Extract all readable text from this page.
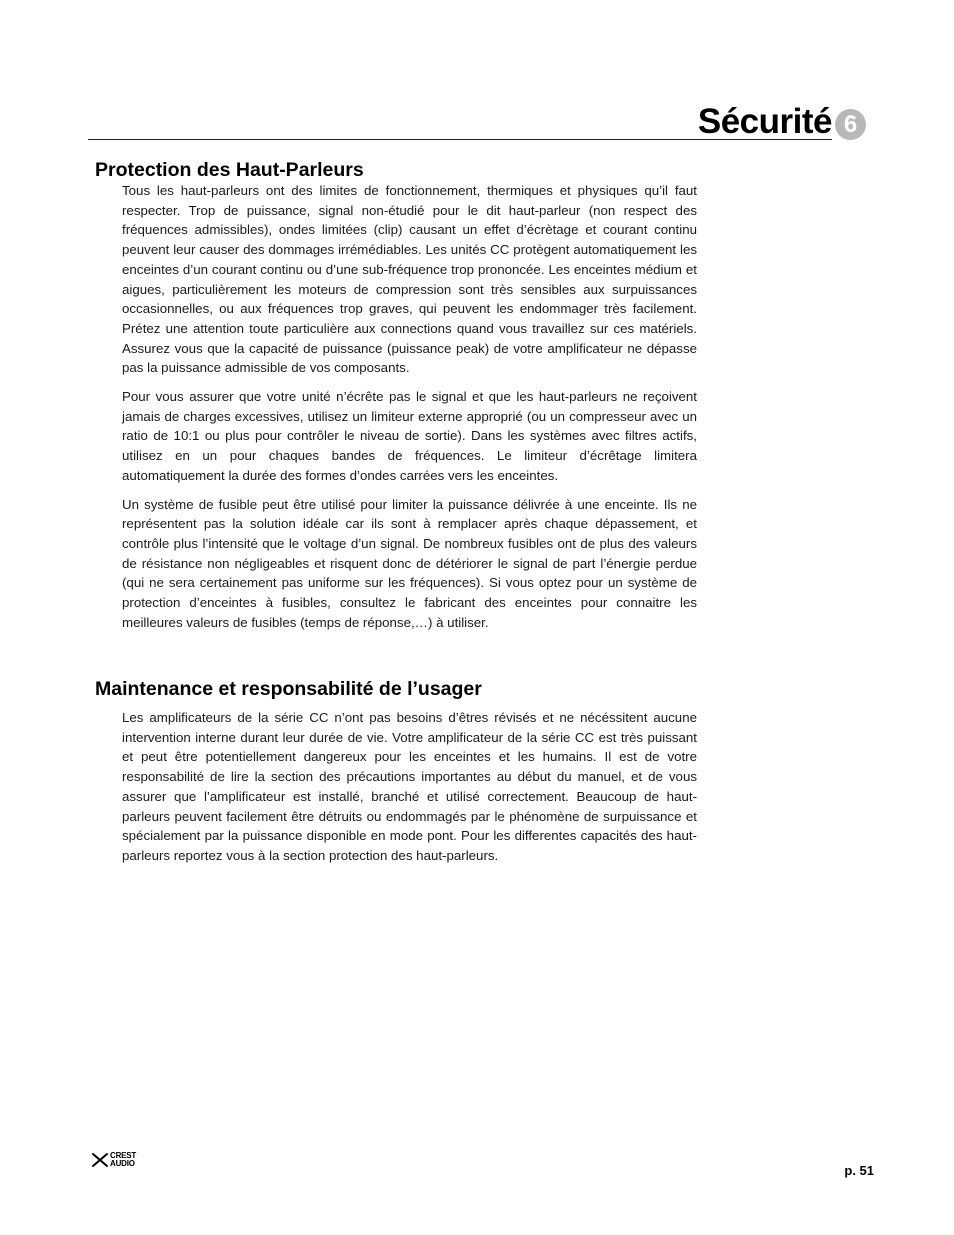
Sécurité 6
Protection des Haut-Parleurs

Tous les haut-parleurs ont des limites de fonctionnement, thermiques et physiques qu’il faut respecter. Trop de puissance, signal non-étudié pour le dit haut-parleur (non respect des fréquences admissibles), ondes limitées (clip) causant un effet d’écrètage et courant continu peuvent leur causer des dommages irrémédiables. Les unités CC protègent automatiquement les enceintes d’un courant continu ou d’une sub-fréquence trop prononcée. Les enceintes médium et aigues, particulièrement les moteurs de compression sont très sensibles aux surpuissances occasionnelles, ou aux fréquences trop graves, qui peuvent les endommager très facilement. Prétez une attention toute particulière aux connections quand vous travaillez sur ces matériels. Assurez vous que la capacité de puissance (puissance peak) de votre amplificateur ne dépasse pas la puissance admissible de vos composants.

Pour vous assurer que votre unité n’écrête pas le signal et que les haut-parleurs ne reçoivent jamais de charges excessives, utilisez un limiteur externe approprié (ou un compresseur avec un ratio de 10:1 ou plus pour contrôler le niveau de sortie). Dans les systèmes avec filtres actifs, utilisez en un pour chaques bandes de fréquences. Le limiteur d’écrêtage limitera automatiquement la durée des formes d’ondes carrées vers les enceintes.

Un système de fusible peut être utilisé pour limiter la puissance délivrée à une enceinte. Ils ne représentent pas la solution idéale car ils sont à remplacer après chaque dépassement, et contrôle plus l’intensité que le voltage d’un signal. De nombreux fusibles ont de plus des valeurs de résistance non négligeables et risquent donc de détériorer le signal de part l’énergie perdue (qui ne sera certainement pas uniforme sur les fréquences). Si vous optez pour un système de protection d’enceintes à fusibles, consultez le fabricant des enceintes pour connaitre les meilleures valeurs de fusibles (temps de réponse,…) à utiliser.

Maintenance et responsabilité de l’usager

Les amplificateurs de la série CC n’ont pas besoins d’êtres révisés et ne nécéssitent aucune intervention interne durant leur durée de vie. Votre amplificateur de la série CC est très puissant et peut être potentiellement dangereux pour les enceintes et les humains. Il est de votre responsabilité de lire la section des précautions importantes au début du manuel, et de vous assurer que l’amplificateur est installé, branché et utilisé correctement. Beaucoup de haut-parleurs peuvent facilement être détruits ou endommagés par le phénomène de surpuissance et spécialement par la puissance disponible en mode pont. Pour les differentes capacités des haut-parleurs reportez vous à la section protection des haut-parleurs.

CREST
AUDIO	p. 51
